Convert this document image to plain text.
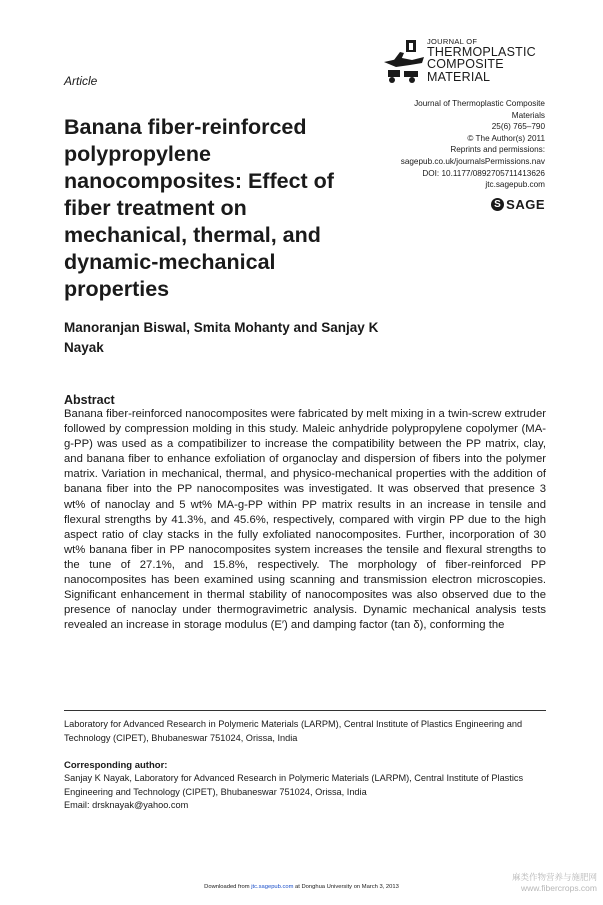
Article
JOURNAL OF
THERMOPLASTIC
COMPOSITE
MATERIAL
Journal of Thermoplastic Composite
Materials
25(6) 765–790
© The Author(s) 2011
Reprints and permissions:
sagepub.co.uk/journalsPermissions.nav
DOI: 10.1177/0892705711413626
jtc.sagepub.com
S SAGE
Banana fiber-reinforced polypropylene nanocomposites: Effect of fiber treatment on mechanical, thermal, and dynamic-mechanical properties
Manoranjan Biswal, Smita Mohanty and Sanjay K Nayak
Abstract
Banana fiber-reinforced nanocomposites were fabricated by melt mixing in a twin-screw extruder followed by compression molding in this study. Maleic anhydride polypropylene copolymer (MA-g-PP) was used as a compatibilizer to increase the compatibility between the PP matrix, clay, and banana fiber to enhance exfoliation of organoclay and dispersion of fibers into the polymer matrix. Variation in mechanical, thermal, and physico-mechanical properties with the addition of banana fiber into the PP nanocomposites was investigated. It was observed that presence 3 wt% of nanoclay and 5 wt% MA-g-PP within PP matrix results in an increase in tensile and flexural strengths by 41.3%, and 45.6%, respectively, compared with virgin PP due to the high aspect ratio of clay stacks in the fully exfoliated nanocomposites. Further, incorporation of 30 wt% banana fiber in PP nanocomposites system increases the tensile and flexural strengths to the tune of 27.1%, and 15.8%, respectively. The morphology of fiber-reinforced PP nanocomposites has been examined using scanning and transmission electron microscopies. Significant enhancement in thermal stability of nanocomposites was also observed due to the presence of nanoclay under thermogravimetric analysis. Dynamic mechanical analysis tests revealed an increase in storage modulus (E′) and damping factor (tan δ), conforming the
Laboratory for Advanced Research in Polymeric Materials (LARPM), Central Institute of Plastics Engineering and Technology (CIPET), Bhubaneswar 751024, Orissa, India
Corresponding author:
Sanjay K Nayak, Laboratory for Advanced Research in Polymeric Materials (LARPM), Central Institute of Plastics Engineering and Technology (CIPET), Bhubaneswar 751024, Orissa, India
Email: drsknayak@yahoo.com
Downloaded from jtc.sagepub.com at Donghua University on March 3, 2013
麻类作物营养与施肥网
www.fibercrops.com
